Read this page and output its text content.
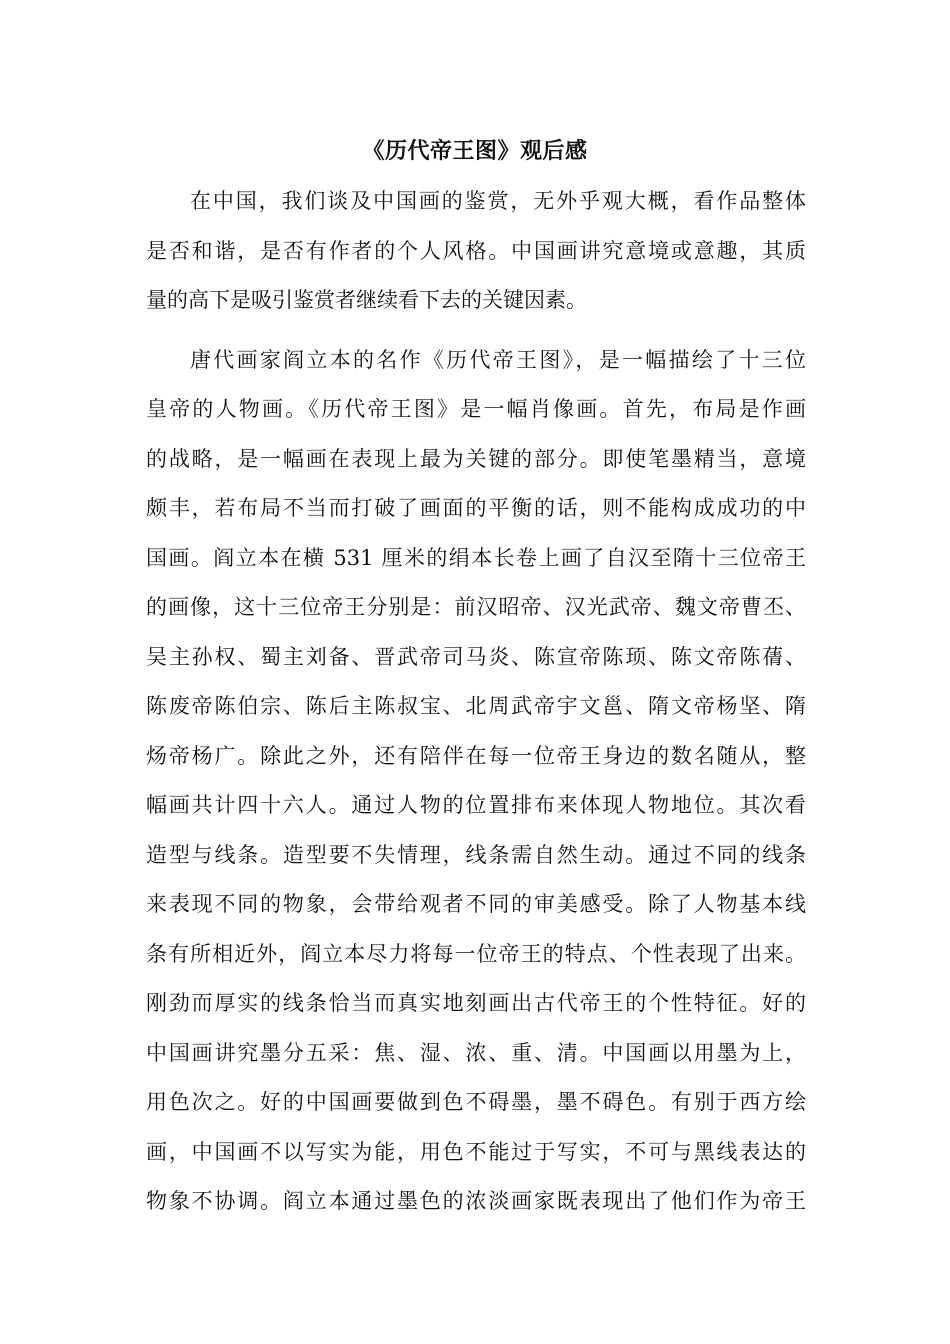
《历代帝王图》观后感
在中国，我们谈及中国画的鉴赏，无外乎观大概，看作品整体
是否和谐，是否有作者的个人风格。中国画讲究意境或意趣，其质
量的高下是吸引鉴赏者继续看下去的关键因素。
唐代画家阎立本的名作《历代帝王图》，是一幅描绘了十三位
皇帝的人物画。《历代帝王图》是一幅肖像画。首先，布局是作画
的战略，是一幅画在表现上最为关键的部分。即使笔墨精当，意境
颇丰，若布局不当而打破了画面的平衡的话，则不能构成成功的中
国画。阎立本在横 531 厘米的绢本长卷上画了自汉至隋十三位帝王
的画像，这十三位帝王分别是：前汉昭帝、汉光武帝、魏文帝曹丕、
吴主孙权、蜀主刘备、晋武帝司马炎、陈宣帝陈顼、陈文帝陈蒨、
陈废帝陈伯宗、陈后主陈叔宝、北周武帝宇文邕、隋文帝杨坚、隋
炀帝杨广。除此之外，还有陪伴在每一位帝王身边的数名随从，整
幅画共计四十六人。通过人物的位置排布来体现人物地位。其次看
造型与线条。造型要不失情理，线条需自然生动。通过不同的线条
来表现不同的物象，会带给观者不同的审美感受。除了人物基本线
条有所相近外，阎立本尽力将每一位帝王的特点、个性表现了出来。
刚劲而厚实的线条恰当而真实地刻画出古代帝王的个性特征。好的
中国画讲究墨分五采：焦、湿、浓、重、清。中国画以用墨为上，
用色次之。好的中国画要做到色不碍墨，墨不碍色。有别于西方绘
画，中国画不以写实为能，用色不能过于写实，不可与黑线表达的
物象不协调。阎立本通过墨色的浓淡画家既表现出了他们作为帝王
